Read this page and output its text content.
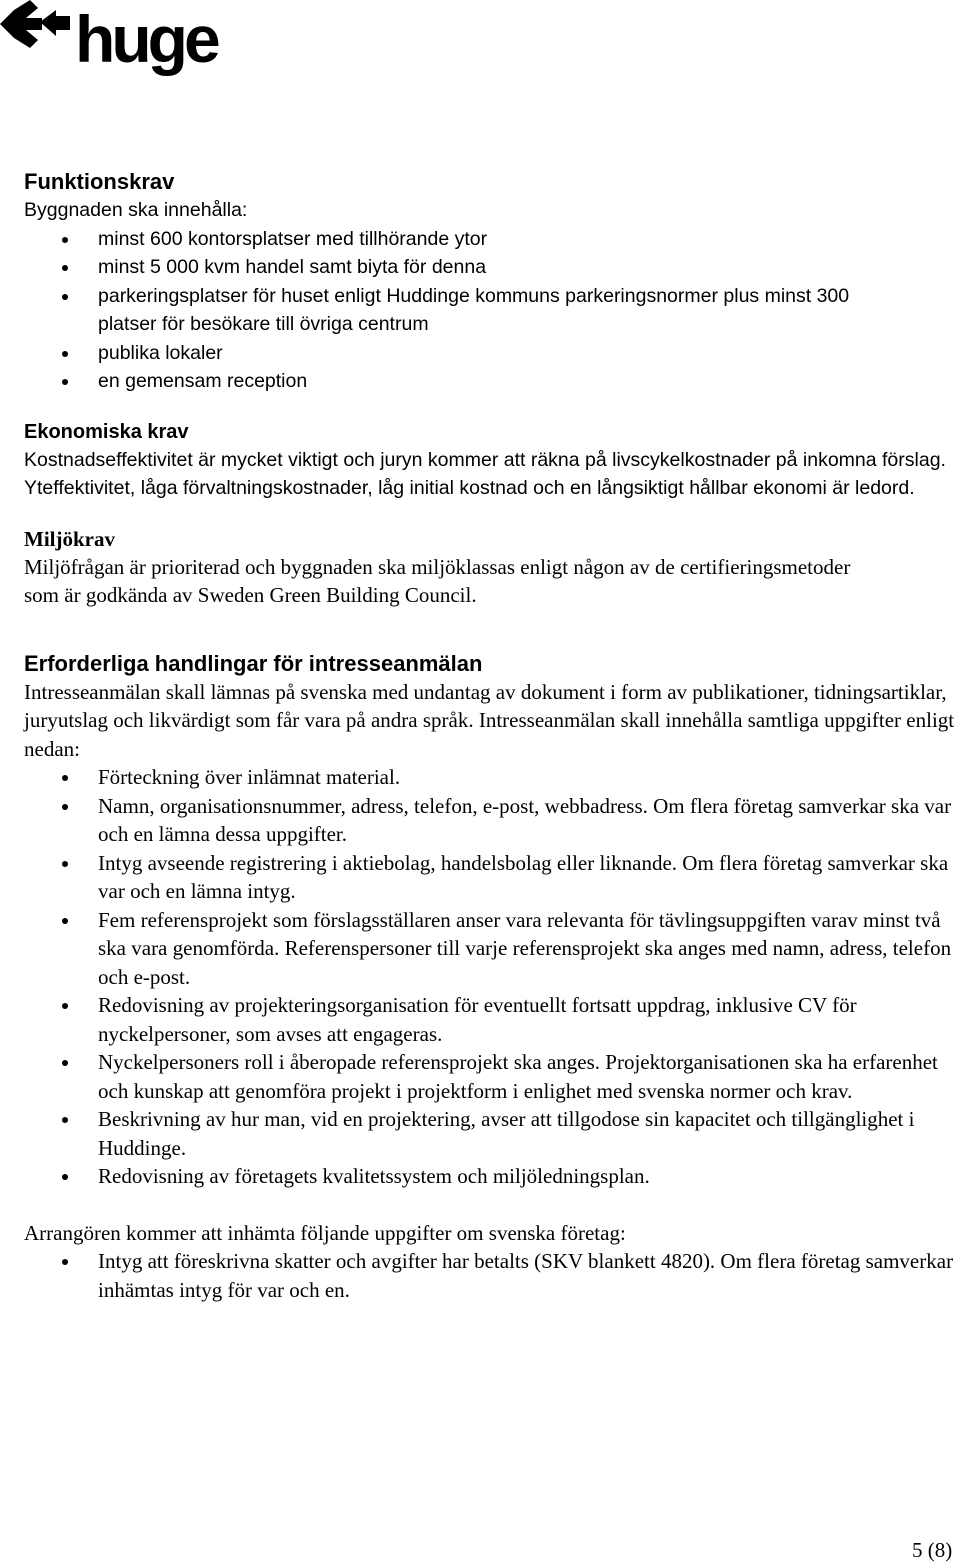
huge
Funktionskrav

Byggnaden ska innehålla:

minst 600 kontorsplatser med tillhörande ytor
minst 5 000 kvm handel samt biyta för denna
parkeringsplatser för huset enligt Huddinge kommuns parkeringsnormer plus minst 300 platser för besökare till övriga centrum
publika lokaler
en gemensam reception
Ekonomiska krav

Kostnadseffektivitet är mycket viktigt och juryn kommer att räkna på livscykelkostnader på inkomna förslag. Yteffektivitet, låga förvaltningskostnader, låg initial kostnad och en långsiktigt hållbar ekonomi är ledord.

Miljökrav

Miljöfrågan är prioriterad och byggnaden ska miljöklassas enligt någon av de certifieringsmetoder som är godkända av Sweden Green Building Council.

Erforderliga handlingar för intresseanmälan

Intresseanmälan skall lämnas på svenska med undantag av dokument i form av publikationer, tidningsartiklar, juryutslag och likvärdigt som får vara på andra språk. Intresseanmälan skall innehålla samtliga uppgifter enligt nedan:

Förteckning över inlämnat material.
Namn, organisationsnummer, adress, telefon, e-post, webbadress. Om flera företag samverkar ska var och en lämna dessa uppgifter.
Intyg avseende registrering i aktiebolag, handelsbolag eller liknande. Om flera företag samverkar ska var och en lämna intyg.
Fem referensprojekt som förslagsställaren anser vara relevanta för tävlingsuppgiften varav minst två ska vara genomförda. Referenspersoner till varje referensprojekt ska anges med namn, adress, telefon och e-post.
Redovisning av projekteringsorganisation för eventuellt fortsatt uppdrag, inklusive CV för nyckelpersoner, som avses att engageras.
Nyckelpersoners roll i åberopade referensprojekt ska anges. Projektorganisationen ska ha erfarenhet och kunskap att genomföra projekt i projektform i enlighet med svenska normer och krav.
Beskrivning av hur man, vid en projektering, avser att tillgodose sin kapacitet och tillgänglighet i Huddinge.
Redovisning av företagets kvalitetssystem och miljöledningsplan.

Arrangören kommer att inhämta följande uppgifter om svenska företag:

Intyg att föreskrivna skatter och avgifter har betalts (SKV blankett 4820). Om flera företag samverkar inhämtas intyg för var och en.
5 (8)
